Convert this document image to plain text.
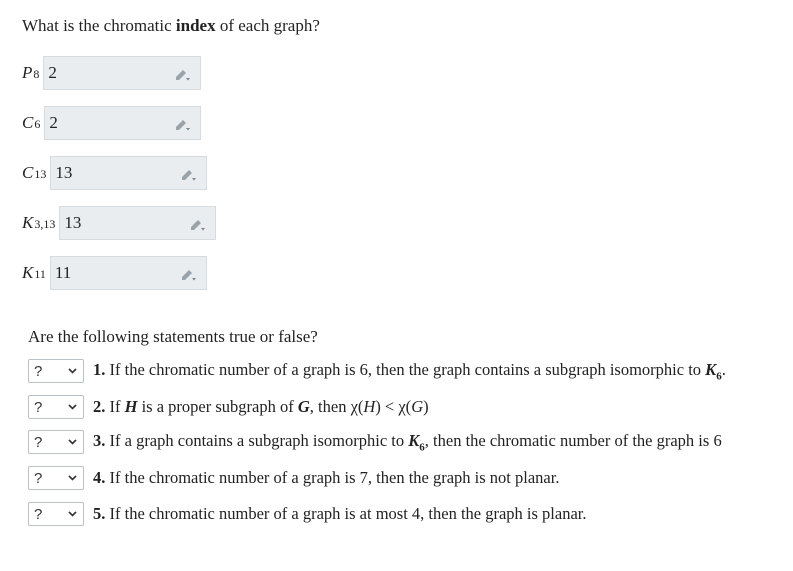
What is the chromatic index of each graph?
P 8
2
C 6
2
C 13
13
K 3,13
13
K 11
11
Are the following statements true or false?
?	1. If the chromatic number of a graph is 6, then the graph contains a subgraph isomorphic to $K_6$.
?	2. If H is a proper subgraph of G, then χ(H) < χ(G)
?	3. If a graph contains a subgraph isomorphic to $K_6$, then the chromatic number of the graph is 6
?	4. If the chromatic number of a graph is 7, then the graph is not planar.
?	5. If the chromatic number of a graph is at most 4, then the graph is planar.
